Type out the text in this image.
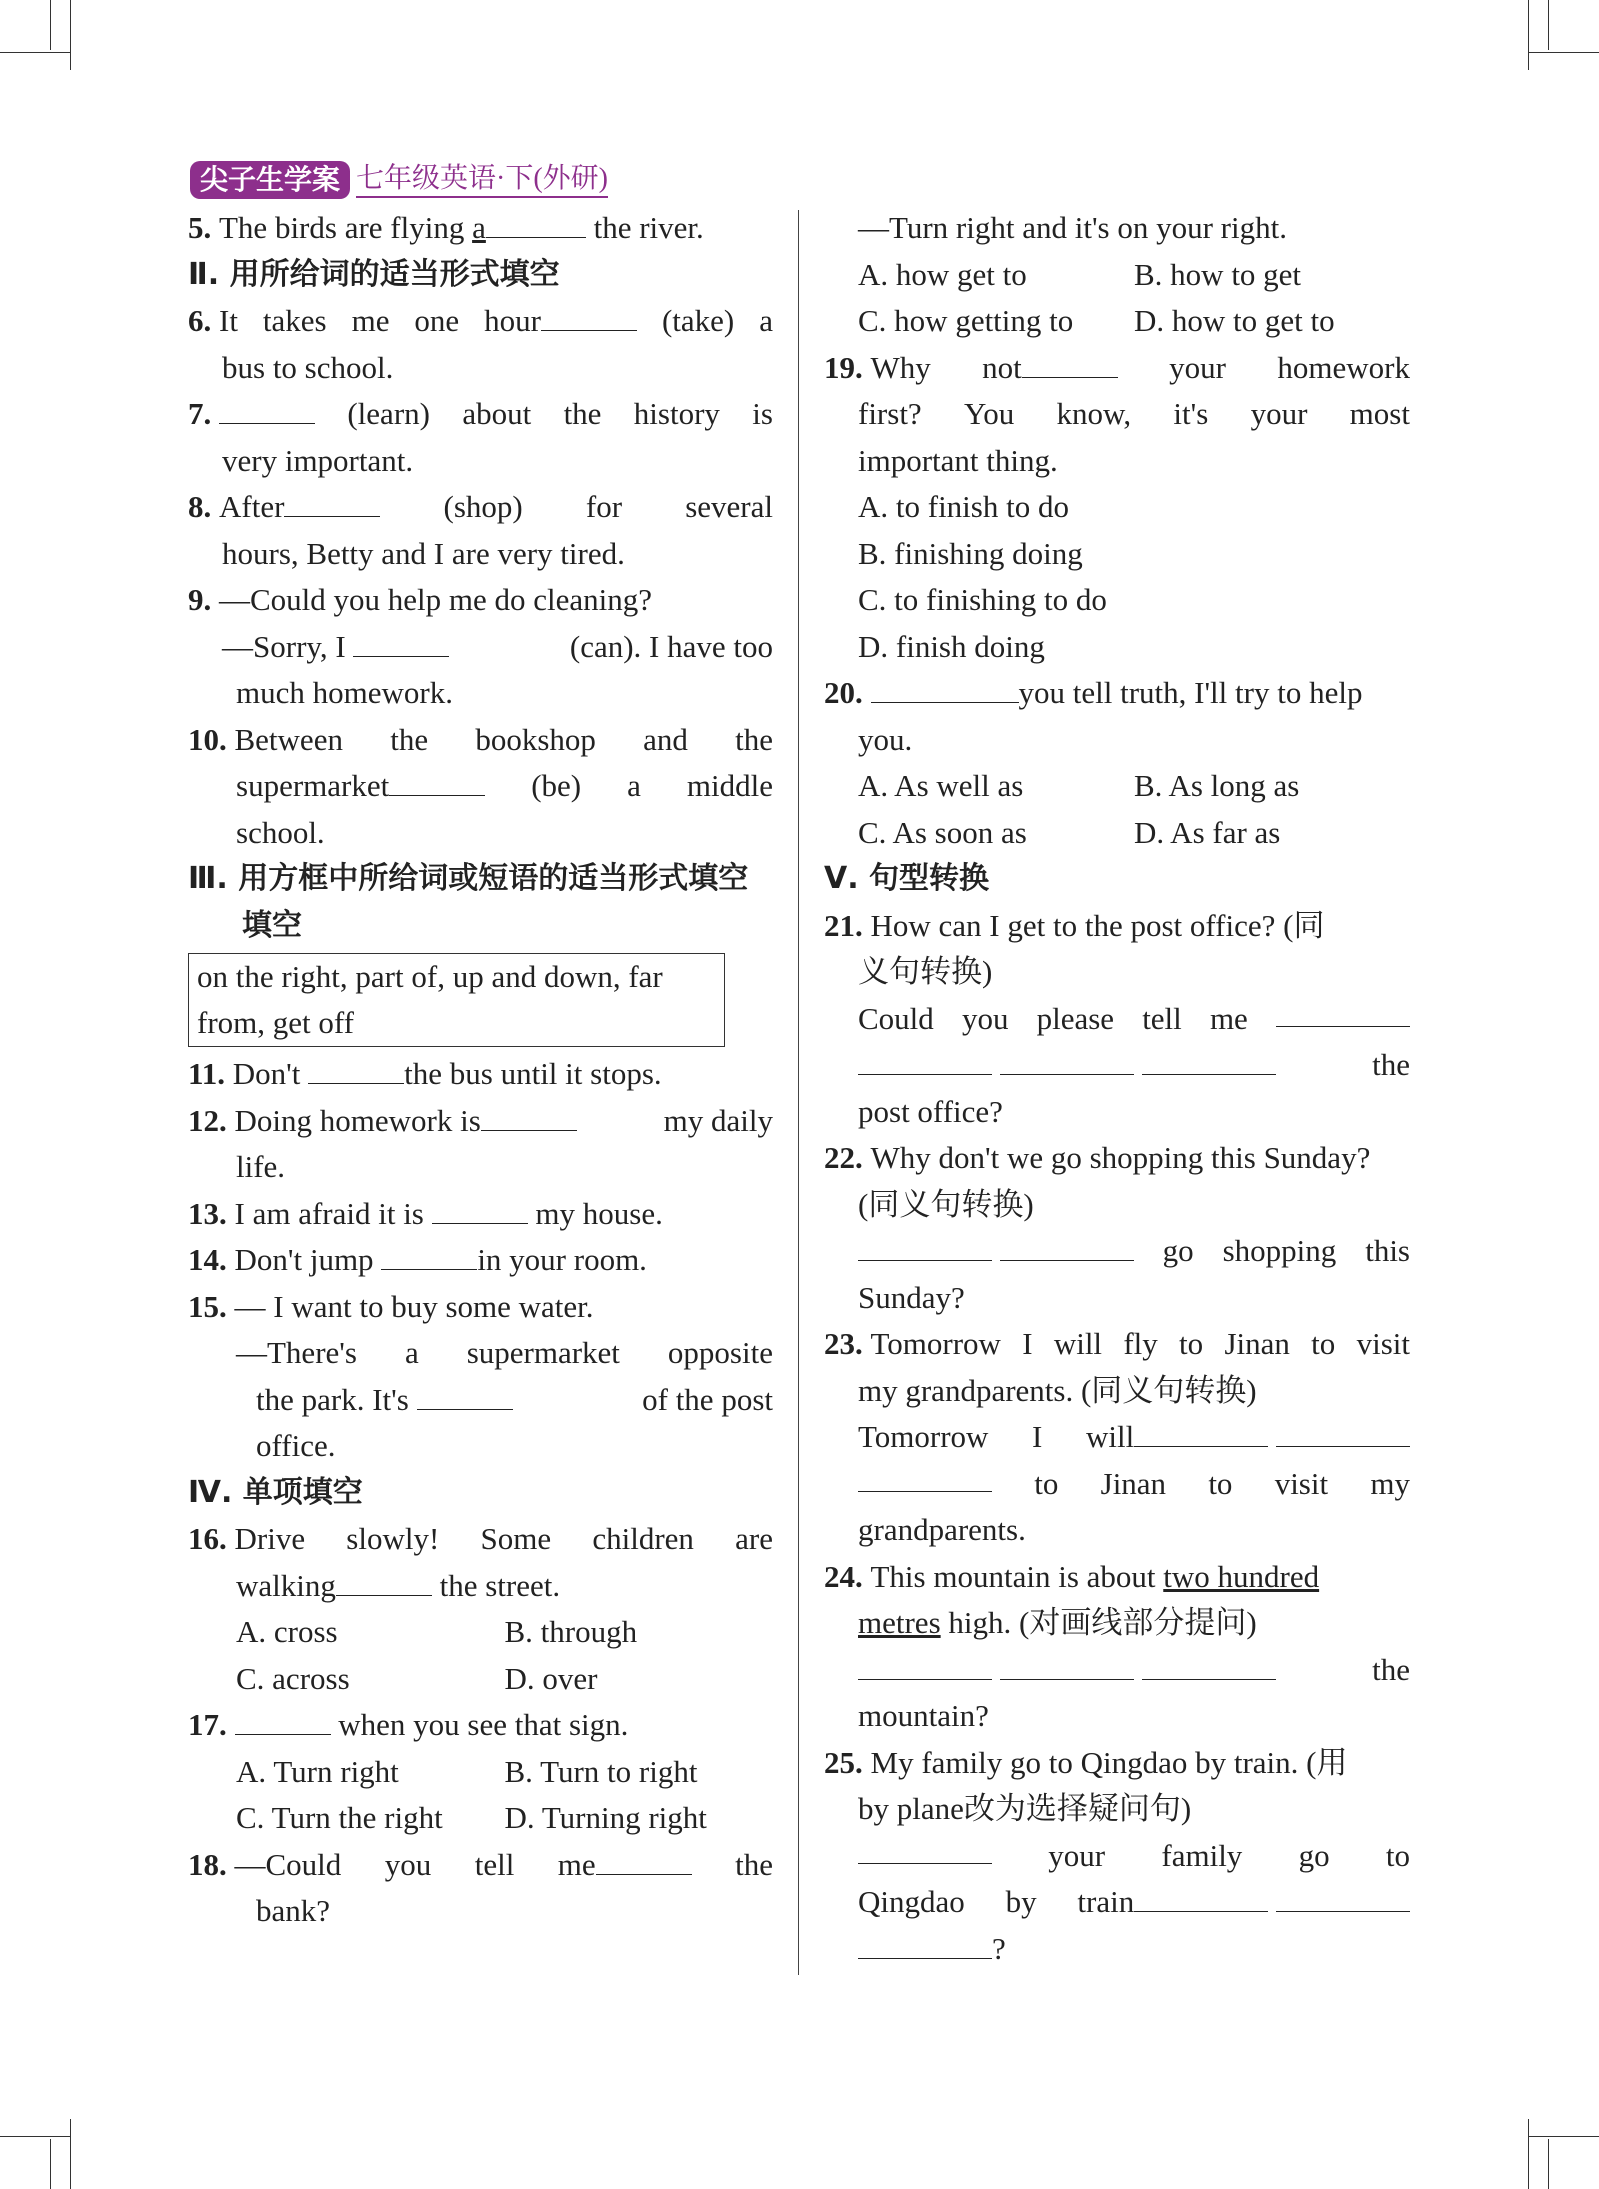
尖子生学案 七年级英语·下(外研)
5. The birds are flying a	the river.
Ⅱ. 用所给词的适当形式填空
6. It takes me one hour	(take) a
bus to school.
7.	(learn) about the history is
very important.
8. After	(shop) for several
hours, Betty and I are very tired.
9. —Could you help me do cleaning?
—Sorry, I	(can). I have too
much homework.
10. Between the bookshop and the
supermarket	(be) a middle
school.
Ⅲ. 用方框中所给词或短语的适当形式填空
填空
on the right, part of, up and down, far
from, get off
11. Don't	the bus until it stops.
12. Doing homework is	my daily
life.
13. I am afraid it is	my house.
14. Don't jump	in your room.
15. — I want to buy some water.
—There's a supermarket opposite
the park. It's	of the post
office.
Ⅳ. 单项填空
16. Drive slowly! Some children are
walking	the street.
A. cross	B. through
C. across	D. over
17.	when you see that sign.
A. Turn right	B. Turn to right
C. Turn the right	D. Turning right
18. —Could you tell me	the
bank?
—Turn right and it's on your right.
A. how get to	B. how to get
C. how getting to	D. how to get to
19. Why not	your homework
first? You know, it's your most
important thing.
A. to finish to do
B. finishing doing
C. to finishing to do
D. finish doing
20.	you tell truth, I'll try to help
you.
A. As well as	B. As long as
C. As soon as	D. As far as
Ⅴ. 句型转换
21. How can I get to the post office? (同
义句转换)
Could you please tell me

the
post office?
22. Why don't we go shopping this Sunday?
(同义句转换)

go shopping this
Sunday?
23. Tomorrow I will fly to Jinan to visit
my grandparents. (同义句转换)
Tomorrow I will
to Jinan to visit my
grandparents.
24. This mountain is about two hundred
metres high. (对画线部分提问)

the
mountain?
25. My family go to Qingdao by train. (用
by plane改为选择疑问句)
your family go to
Qingdao by train
?
